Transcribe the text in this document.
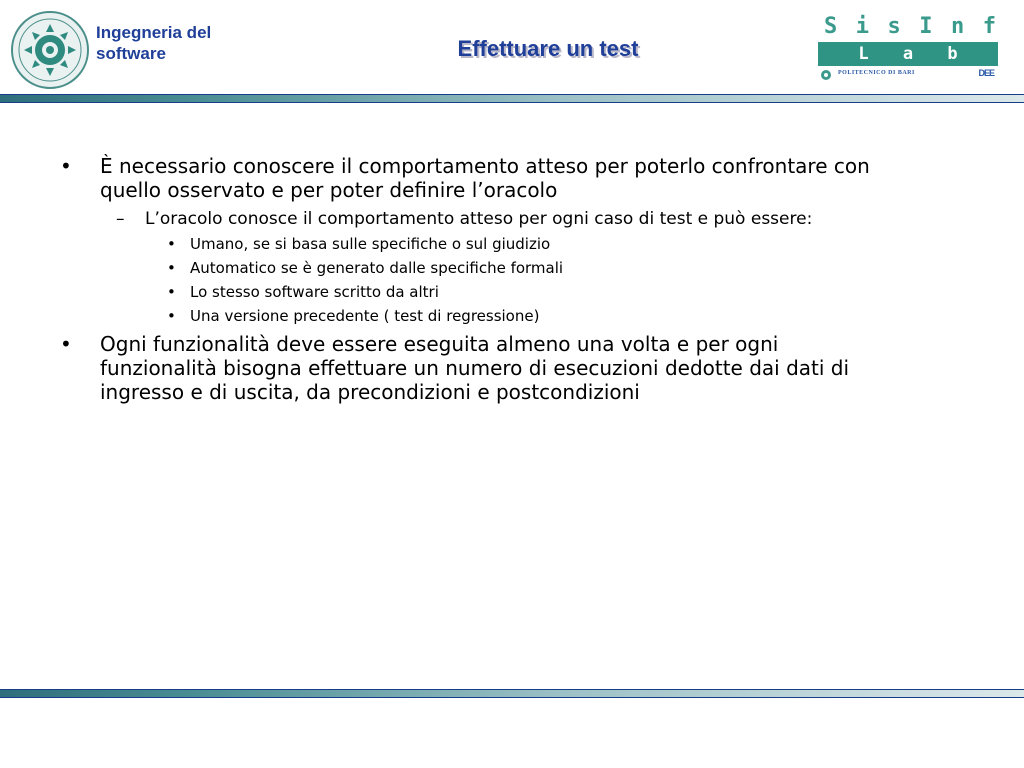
Ingegneria del
software	Effettuare un test
S i s I n f
L a b
POLITECNICO DI BARI	DEE
• È necessario conoscere il comportamento atteso per poterlo confrontare con
quello osservato e per poter definire l’oracolo
– L’oracolo conosce il comportamento atteso per ogni caso di test e può essere:
• Umano, se si basa sulle specifiche o sul giudizio
• Automatico se è generato dalle specifiche formali
• Lo stesso software scritto da altri
• Una versione precedente ( test di regressione)
• Ogni funzionalità deve essere eseguita almeno una volta e per ogni
funzionalità bisogna effettuare un numero di esecuzioni dedotte dai dati di
ingresso e di uscita, da precondizioni e postcondizioni
